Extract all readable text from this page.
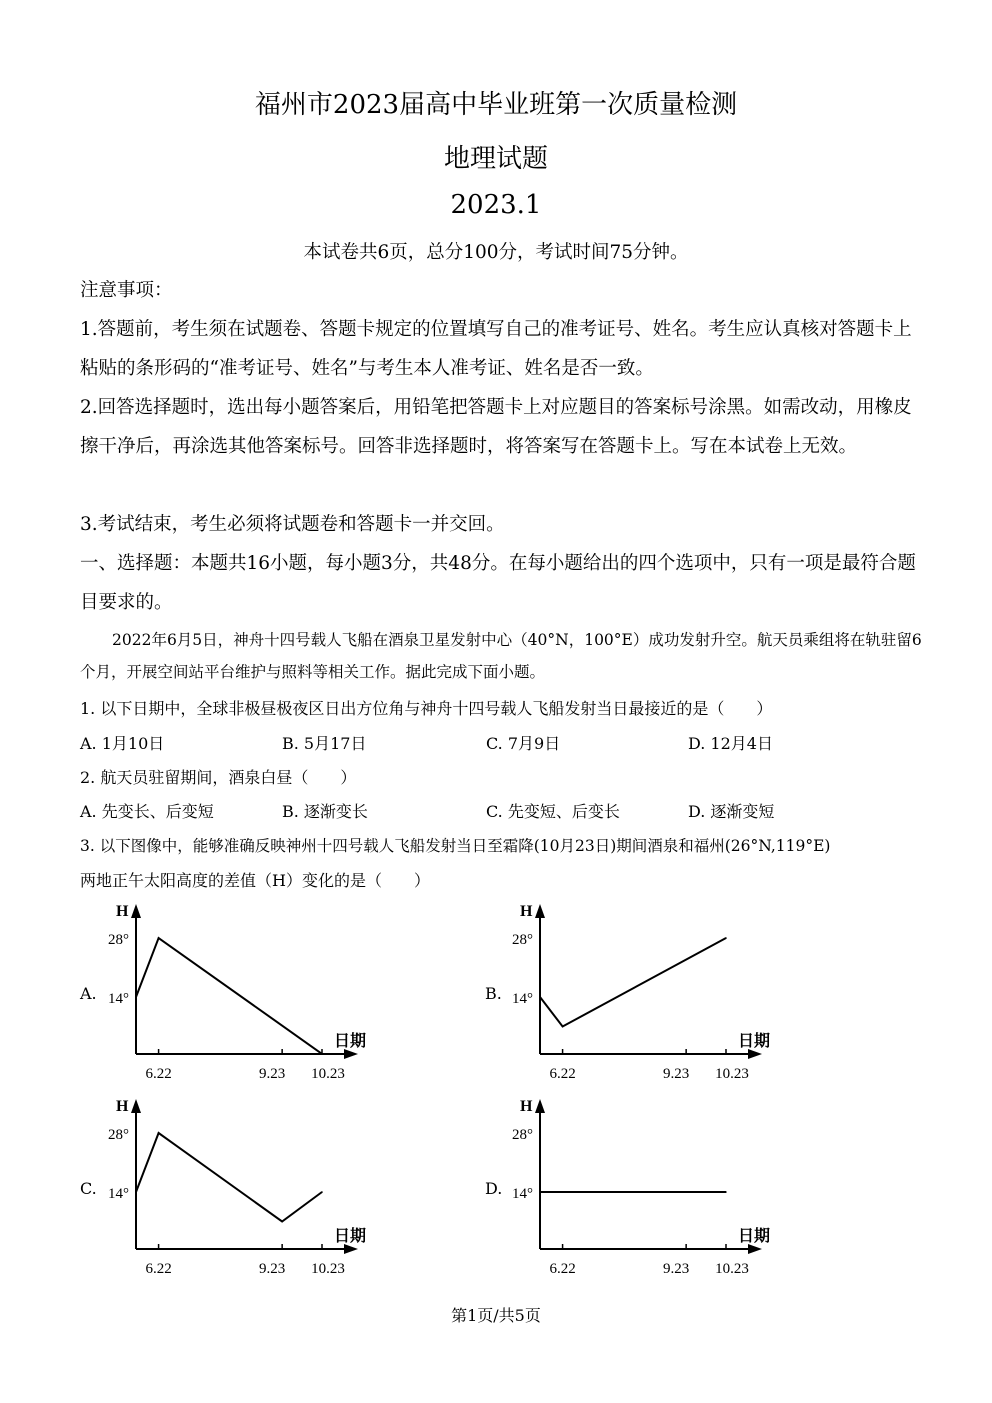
福州市2023届高中毕业班第一次质量检测
地理试题
2023.1
本试卷共6页，总分100分，考试时间75分钟。
注意事项：
1.答题前，考生须在试题卷、答题卡规定的位置填写自己的准考证号、姓名。考生应认真核对答题卡上粘贴的条形码的“准考证号、姓名”与考生本人准考证、姓名是否一致。
2.回答选择题时，选出每小题答案后，用铅笔把答题卡上对应题目的答案标号涂黑。如需改动，用橡皮擦干净后，再涂选其他答案标号。回答非选择题时，将答案写在答题卡上。写在本试卷上无效。
3.考试结束，考生必须将试题卷和答题卡一并交回。
一、选择题：本题共16小题，每小题3分，共48分。在每小题给出的四个选项中，只有一项是最符合题目要求的。
2022年6月5日，神舟十四号载人飞船在酒泉卫星发射中心（40°N，100°E）成功发射升空。航天员乘组将在轨驻留6个月，开展空间站平台维护与照料等相关工作。据此完成下面小题。
1. 以下日期中，全球非极昼极夜区日出方位角与神舟十四号载人飞船发射当日最接近的是（　　）
A. 1月10日	B. 5月17日	C. 7月9日	D. 12月4日
2. 航天员驻留期间，酒泉白昼（　　）
A. 先变长、后变短	B. 逐渐变长	C. 先变短、后变长	D. 逐渐变短
3. 以下图像中，能够准确反映神州十四号载人飞船发射当日至霜降(10月23日)期间酒泉和福州(26°N,119°E)
两地正午太阳高度的差值（H）变化的是（　　）
A.
H
28°
14°
日期
6.22	9.23 10.23
B.
H
28°
14°
日期
6.22	9.23 10.23
C.
H
28°
14°
日期
6.22	9.23 10.23
D.
H
28°
14°
日期
6.22	9.23 10.23
第1页/共5页
